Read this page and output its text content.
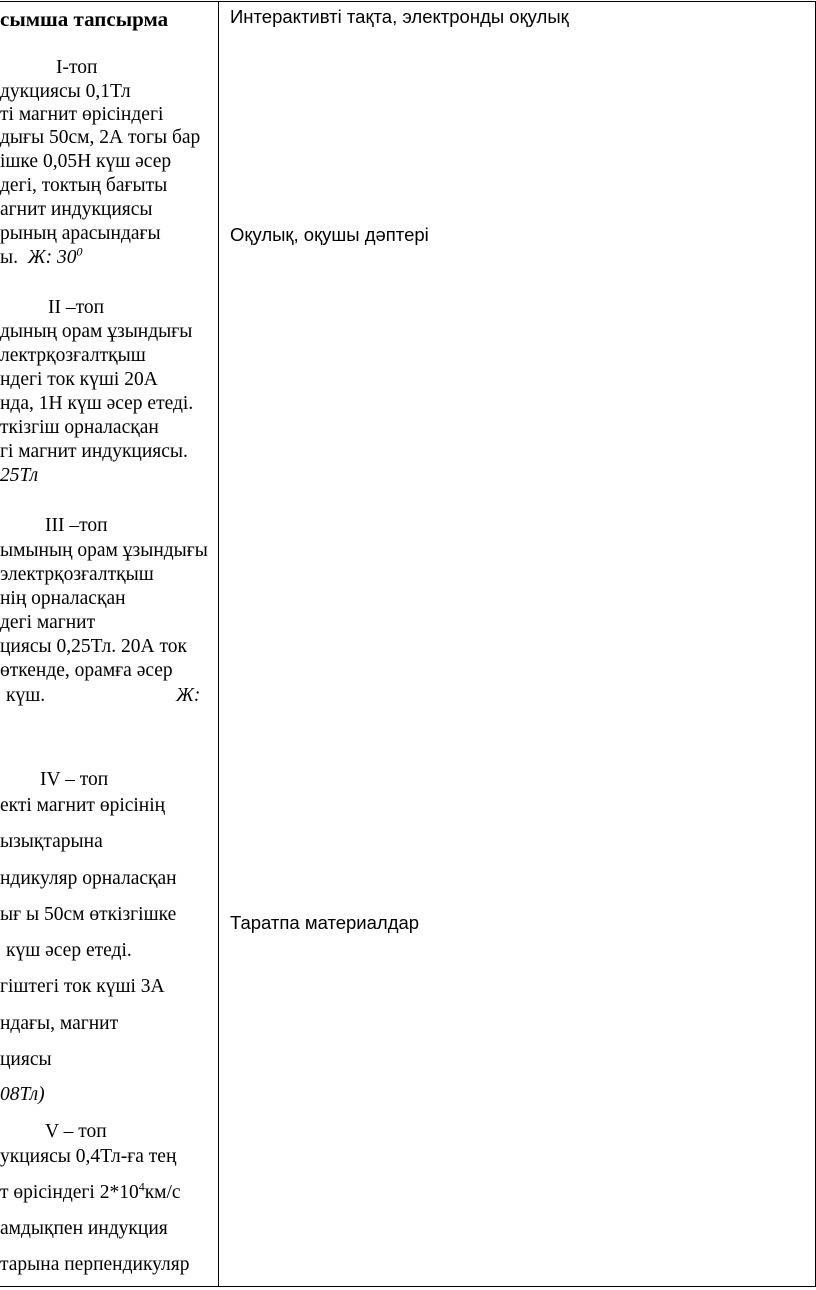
сымша тапсырма
І-топ
дукциясы 0,1Тл
ті магнит өрісіндегі
дығы 50см, 2А тогы бар
ішке 0,05Н күш әсер
дегі, токтың бағыты
агнит индукциясы
рының арасындағы
ы. Ж: $30^0$
ІІ –топ
дының орам ұзындығы
лектрқозғалтқыш
ндегі ток күші 20А
нда, 1Н күш әсер етеді.
ткізгіш орналасқан
гі магнит индукциясы.
25Тл
ІІІ –топ
ымының орам ұзындығы
электрқозғалтқыш
нің орналасқан
дегі магнит
циясы 0,25Тл. 20А ток
өткенде, орамға әсер
күш.	Ж:
ІV – топ
екті магнит өрісінің
ызықтарына
ндикуляр орналасқан
ығ ы 50см өткізгішке
күш әсер етеді.
гіштегі ток күші 3А
ндағы, магнит
циясы
08Тл)
V – топ
укциясы 0,4Тл-ға тең
т өрісіндегі $2*10^4км/с$
амдықпен индукция
тарына перпендикуляр
Интерактивті тақта, электронды оқулық
Оқулық, оқушы дәптері
Таратпа материалдар
